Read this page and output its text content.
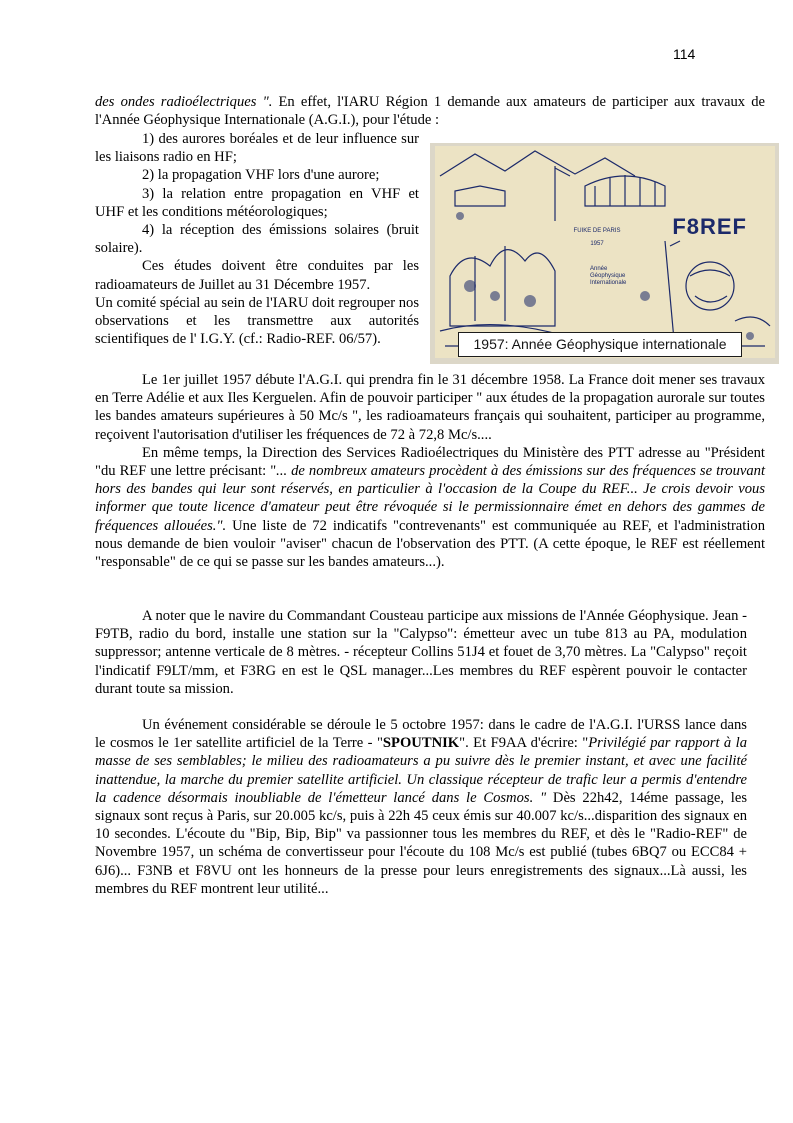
114

des ondes radioélectriques ". En effet, l'IARU Région 1 demande aux amateurs de participer aux travaux de l'Année Géophysique Internationale (A.G.I.), pour l'étude :

1) des aurores boréales et de leur influence sur les liaisons radio en HF;

2) la propagation VHF lors d'une aurore;

3) la relation entre propagation en VHF et UHF et les conditions météorologiques;

4) la réception des émissions solaires (bruit solaire).

Ces études doivent être conduites par les radioamateurs de Juillet au 31 Décembre 1957.

Un comité spécial au sein de l'IARU doit regrouper nos observations et les transmettre aux autorités scientifiques de l' I.G.Y. (cf.: Radio-REF. 06/57).

F8REF
FUIKE DE PARIS
1957
Année
Géophysique
Internationale
1957: Année Géophysique internationale

Le 1er juillet 1957 débute l'A.G.I. qui prendra fin le 31 décembre 1958. La France doit mener ses travaux en Terre Adélie et aux Iles Kerguelen. Afin de pouvoir participer " aux études de la propagation aurorale sur toutes les bandes amateurs supérieures à 50 Mc/s ", les radioamateurs français qui souhaitent, participer au programme, reçoivent l'autorisation d'utiliser les fréquences de 72 à 72,8 Mc/s....

En même temps, la Direction des Services Radioélectriques du Ministère des PTT adresse au "Président "du REF une lettre précisant: "... de nombreux amateurs procèdent à des émissions sur des fréquences se trouvant hors des bandes qui leur sont réservés, en particulier à l'occasion de la Coupe du REF... Je crois devoir vous informer que toute licence d'amateur peut être révoquée si le permissionnaire émet en dehors des gammes de fréquences allouées.". Une liste de 72 indicatifs "contrevenants" est communiquée au REF, et l'administration nous demande de bien vouloir "aviser" chacun de l'observation des PTT. (A cette époque, le REF est réellement "responsable" de ce qui se passe sur les bandes amateurs...).

A noter que le navire du Commandant Cousteau participe aux missions de l'Année Géophysique. Jean - F9TB, radio du bord, installe une station sur la "Calypso": émetteur avec un tube 813 au PA, modulation suppressor; antenne verticale de 8 mètres. - récepteur Collins 51J4 et fouet de 3,70 mètres. La "Calypso" reçoit l'indicatif F9LT/mm, et F3RG en est le QSL manager...Les membres du REF espèrent pouvoir le contacter durant toute sa mission.

Un événement considérable se déroule le 5 octobre 1957: dans le cadre de l'A.G.I. l'URSS lance dans le cosmos le 1er satellite artificiel de la Terre - "SPOUTNIK". Et F9AA d'écrire: "Privilégié par rapport à la masse de ses semblables; le milieu des radioamateurs a pu suivre dès le premier instant, et avec une facilité inattendue, la marche du premier satellite artificiel. Un classique récepteur de trafic leur a permis d'entendre la cadence désormais inoubliable de l'émetteur lancé dans le Cosmos. " Dès 22h42, 14éme passage, les signaux sont reçus à Paris, sur 20.005 kc/s, puis à 22h 45 ceux émis sur 40.007 kc/s...disparition des signaux en 10 secondes. L'écoute du "Bip, Bip, Bip" va passionner tous les membres du REF, et dès le "Radio-REF" de Novembre 1957, un schéma de convertisseur pour l'écoute du 108 Mc/s est publié (tubes 6BQ7 ou ECC84 + 6J6)... F3NB et F8VU ont les honneurs de la presse pour leurs enregistrements des signaux...Là aussi, les membres du REF montrent leur utilité...
